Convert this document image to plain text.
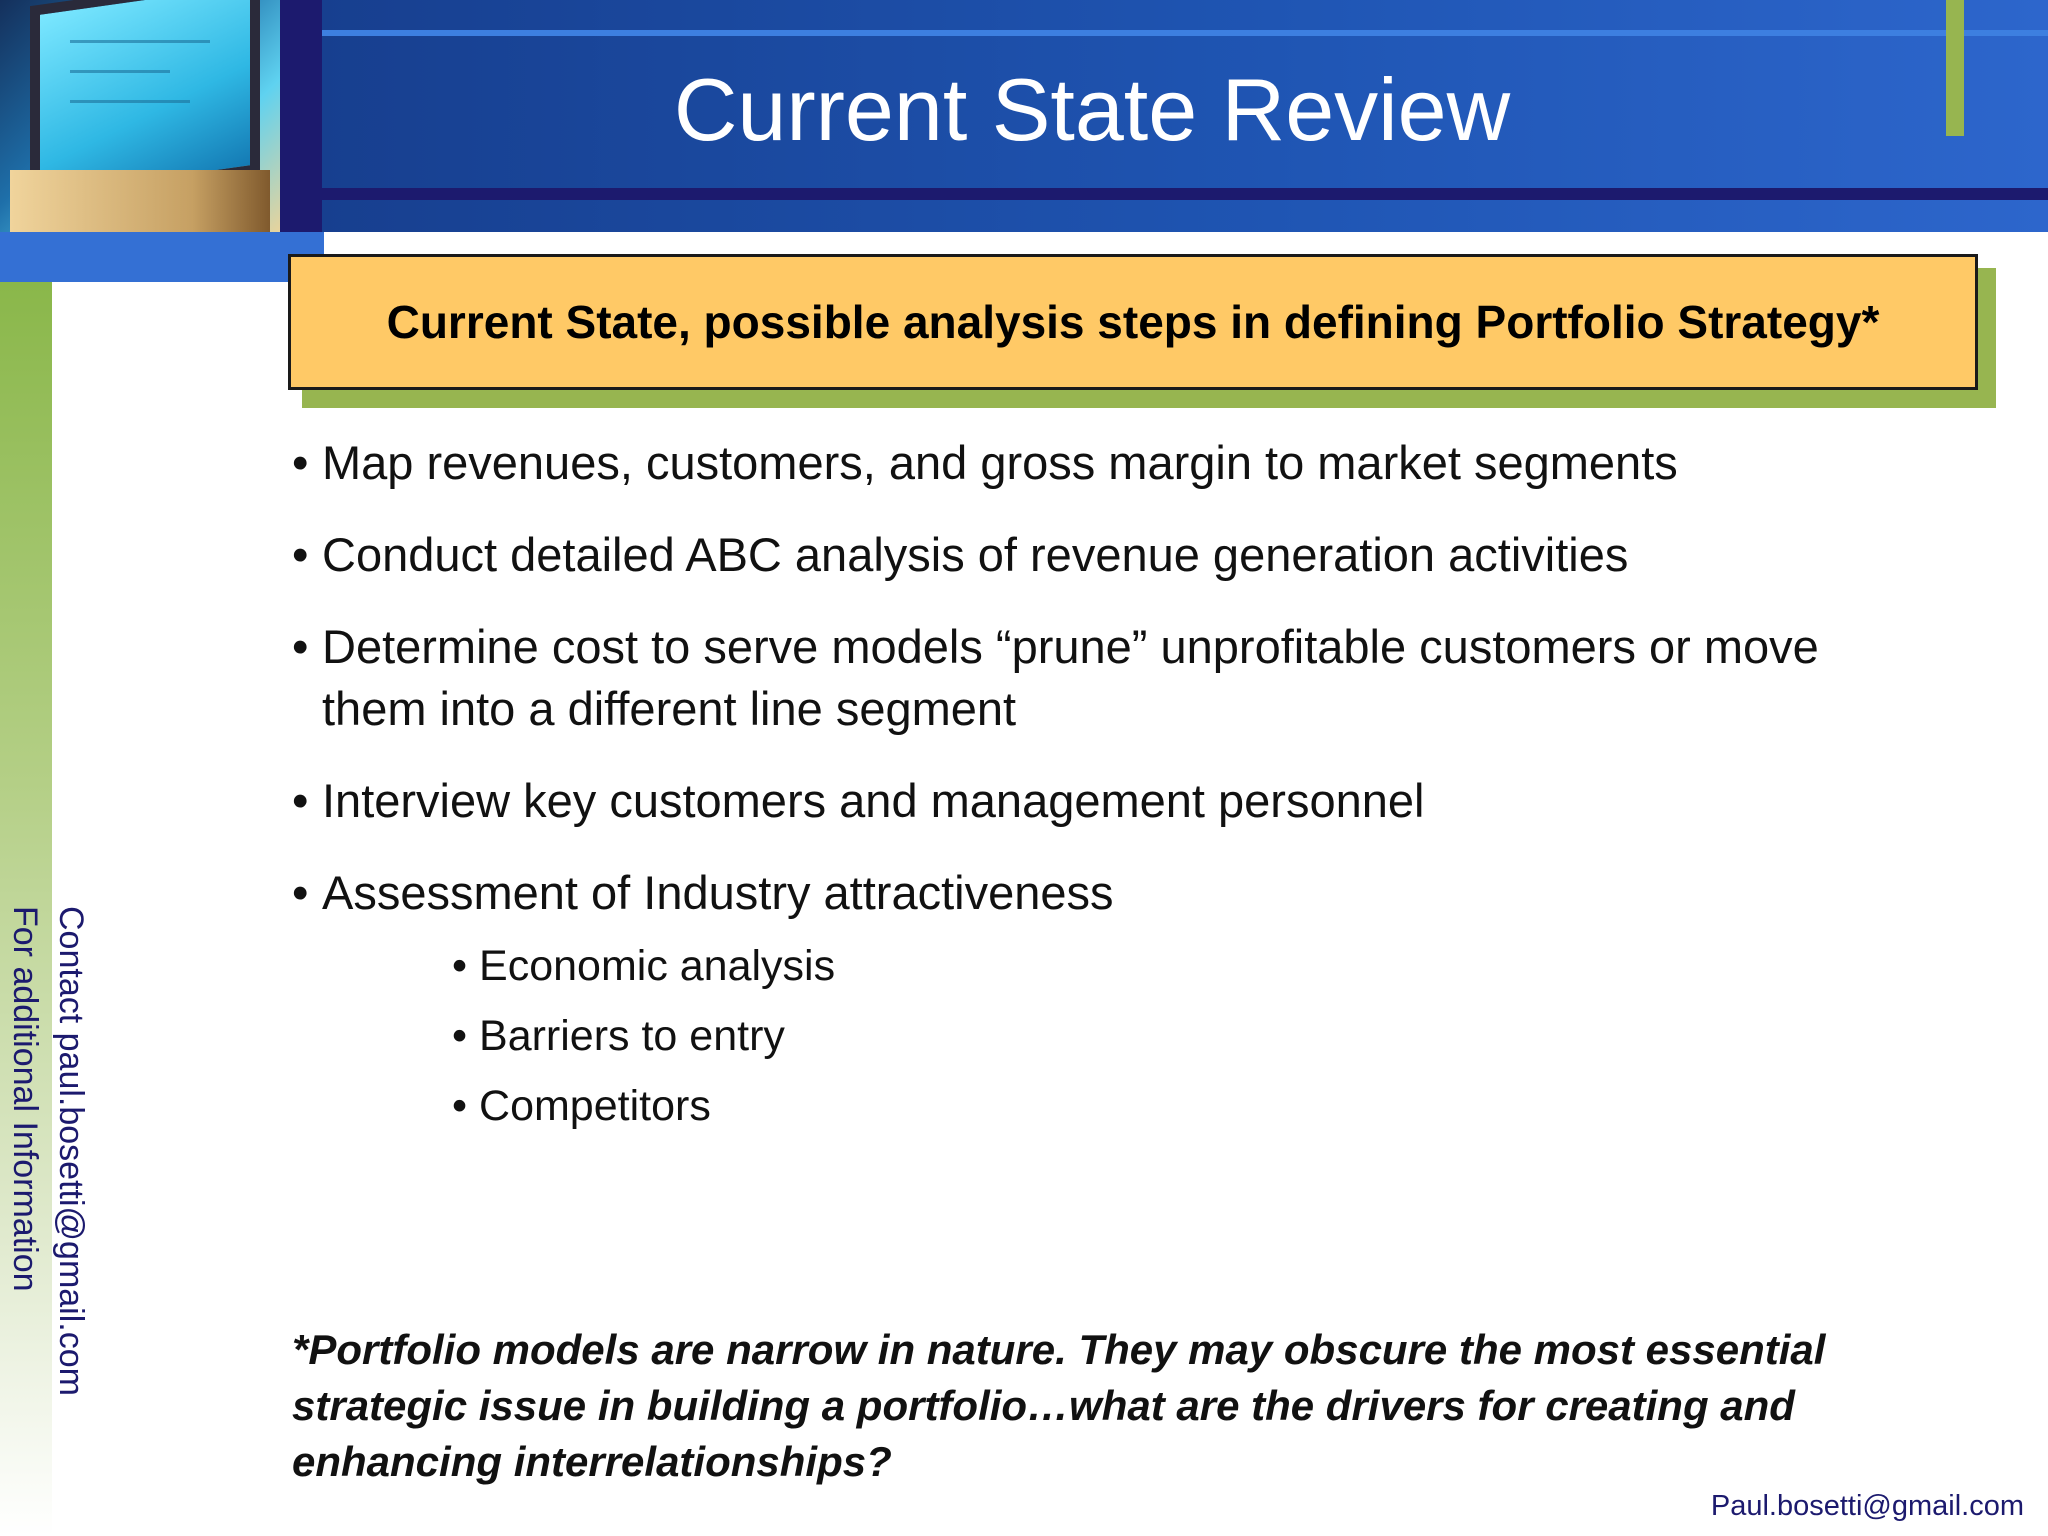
Current State Review
Current State, possible analysis steps in defining Portfolio Strategy*
• Map revenues, customers, and gross margin to market segments
• Conduct detailed ABC analysis of revenue generation activities
• Determine cost to serve models “prune” unprofitable customers or move them into a different line segment
• Interview key customers and management personnel
• Assessment of Industry attractiveness
• Economic analysis
• Barriers to entry
• Competitors

*Portfolio models are narrow in nature. They may obscure the most essential strategic issue in building a portfolio…what are the drivers for creating and enhancing interrelationships?

For additional Information Contact paul.bosetti@gmail.com
Paul.bosetti@gmail.com
